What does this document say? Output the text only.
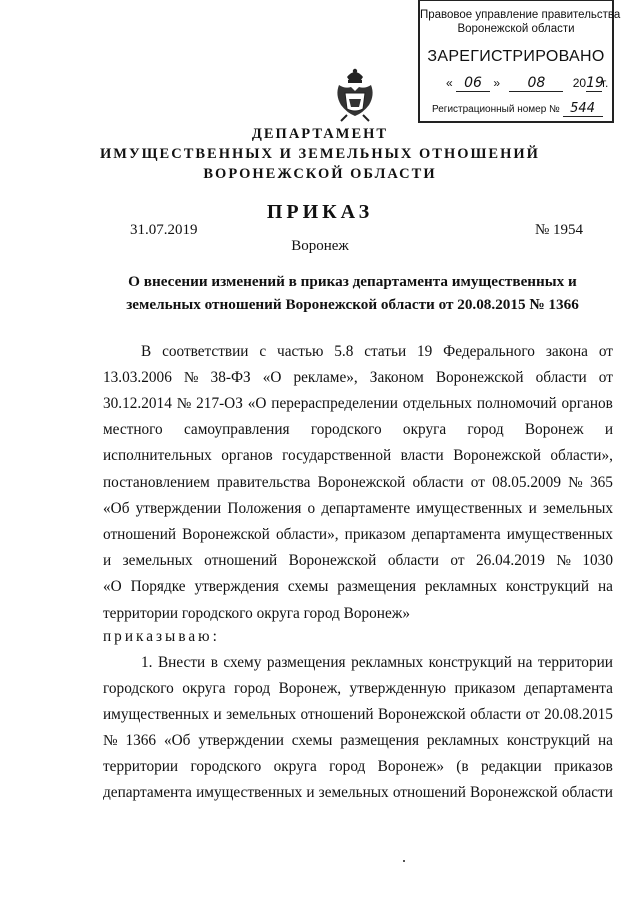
Правовое управление правительства
Воронежской области
ЗАРЕГИСТРИРОВАНО
« 06 » 08 2019г.
Регистрационный номер № 544
ДЕПАРТАМЕНТ
ИМУЩЕСТВЕННЫХ И ЗЕМЕЛЬНЫХ ОТНОШЕНИЙ
ВОРОНЕЖСКОЙ ОБЛАСТИ
ПРИКАЗ
31.07.2019	№ 1954
Воронеж
О внесении изменений в приказ департамента имущественных и земельных отношений Воронежской области от 20.08.2015 № 1366
В соответствии с частью 5.8 статьи 19 Федерального закона от
13.03.2006 № 38-ФЗ «О рекламе», Законом Воронежской области от
30.12.2014 № 217-ОЗ «О перераспределении отдельных полномочий органов
местного самоуправления городского округа город Воронеж и
исполнительных органов государственной власти Воронежской области»,
постановлением правительства Воронежской области от 08.05.2009 № 365
«Об утверждении Положения о департаменте имущественных и земельных
отношений Воронежской области», приказом департамента имущественных
и земельных отношений Воронежской области от 26.04.2019 № 1030
«О Порядке утверждения схемы размещения рекламных конструкций на
территории городского округа город Воронеж»
приказываю:
1. Внести в схему размещения рекламных конструкций на территории
городского округа город Воронеж, утвержденную приказом департамента
имущественных и земельных отношений Воронежской области от 20.08.2015
№ 1366 «Об утверждении схемы размещения рекламных конструкций на
территории городского округа город Воронеж» (в редакции приказов
департамента имущественных и земельных отношений Воронежской области
